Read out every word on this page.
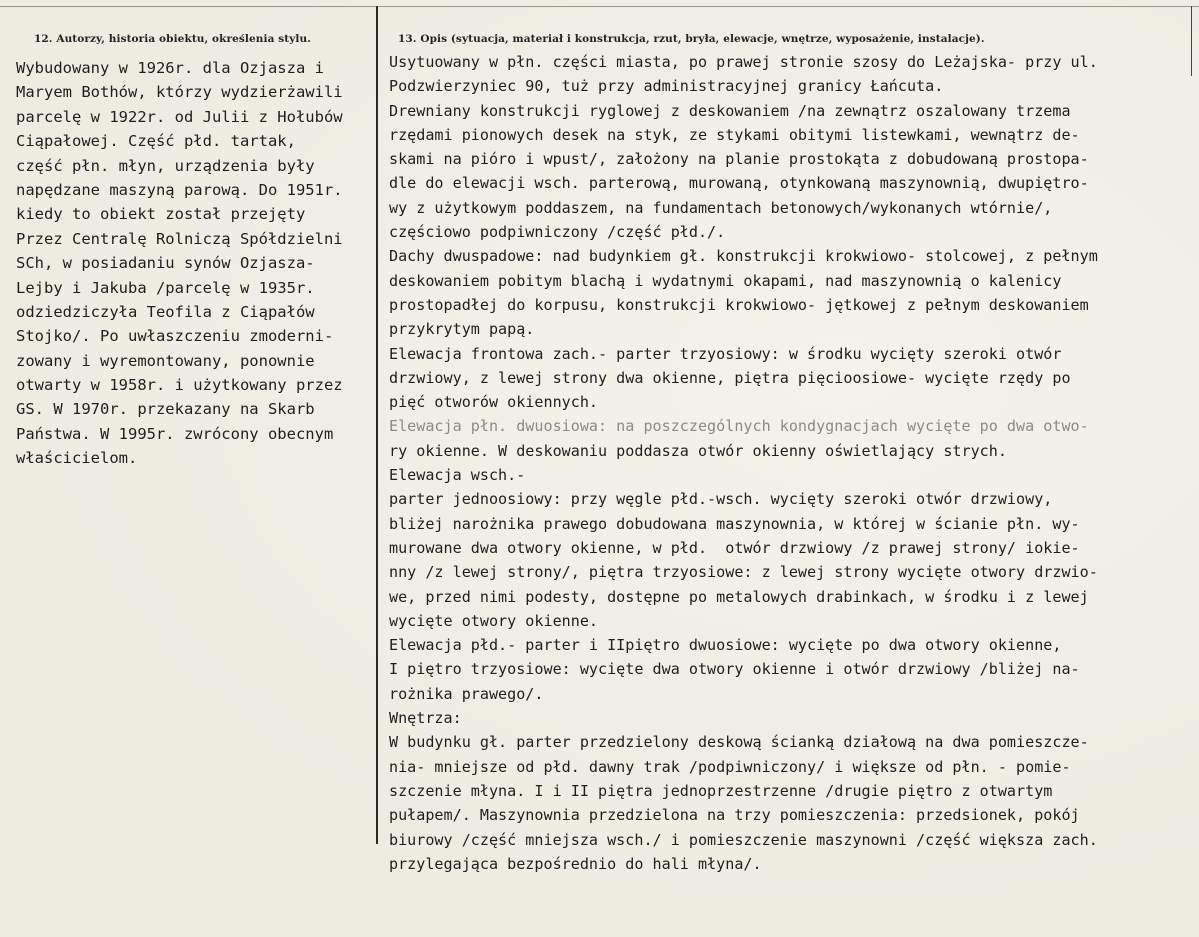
12. Autorzy, historia obiektu, określenia stylu.	13. Opis (sytuacja, materiał i konstrukcja, rzut, bryła, elewacje, wnętrze, wyposażenie, instalacje).
Wybudowany w 1926r. dla Ozjasza i
Maryem Bothów, którzy wydzierżawili
parcelę w 1922r. od Julii z Hołubów
Ciąpałowej. Część płd. tartak,
część płn. młyn, urządzenia były
napędzane maszyną parową. Do 1951r.
kiedy to obiekt został przejęty
Przez Centralę Rolniczą Spółdzielni
SCh, w posiadaniu synów Ozjasza-
Lejby i Jakuba /parcelę w 1935r.
odziedziczyła Teofila z Ciąpałów
Stojko/. Po uwłaszczeniu zmoderni-
zowany i wyremontowany, ponownie
otwarty w 1958r. i użytkowany przez
GS. W 1970r. przekazany na Skarb
Państwa. W 1995r. zwrócony obecnym
właścicielom.
Usytuowany w płn. części miasta, po prawej stronie szosy do Leżajska- przy ul.
Podzwierzyniec 90, tuż przy administracyjnej granicy Łańcuta.
Drewniany konstrukcji ryglowej z deskowaniem /na zewnątrz oszalowany trzema
rzędami pionowych desek na styk, ze stykami obitymi listewkami, wewnątrz de-
skami na pióro i wpust/, założony na planie prostokąta z dobudowaną prostopa-
dle do elewacji wsch. parterową, murowaną, otynkowaną maszynownią, dwupiętro-
wy z użytkowym poddaszem, na fundamentach betonowych/wykonanych wtórnie/,
częściowo podpiwniczony /część płd./.
Dachy dwuspadowe: nad budynkiem gł. konstrukcji krokwiowo- stolcowej, z pełnym
deskowaniem pobitym blachą i wydatnymi okapami, nad maszynownią o kalenicy
prostopadłej do korpusu, konstrukcji krokwiowo- jętkowej z pełnym deskowaniem
przykrytym papą.
Elewacja frontowa zach.- parter trzyosiowy: w środku wycięty szeroki otwór
drzwiowy, z lewej strony dwa okienne, piętra pięcioosiowe- wycięte rzędy po
pięć otworów okiennych.
Elewacja płn. dwuosiowa: na poszczególnych kondygnacjach wycięte po dwa otwo-
ry okienne. W deskowaniu poddasza otwór okienny oświetlający strych.
Elewacja wsch.-
parter jednoosiowy: przy węgle płd.-wsch. wycięty szeroki otwór drzwiowy,
bliżej narożnika prawego dobudowana maszynownia, w której w ścianie płn. wy-
murowane dwa otwory okienne, w płd.  otwór drzwiowy /z prawej strony/ iokie-
nny /z lewej strony/, piętra trzyosiowe: z lewej strony wycięte otwory drzwio-
we, przed nimi podesty, dostępne po metalowych drabinkach, w środku i z lewej
wycięte otwory okienne.
Elewacja płd.- parter i IIpiętro dwuosiowe: wycięte po dwa otwory okienne,
I piętro trzyosiowe: wycięte dwa otwory okienne i otwór drzwiowy /bliżej na-
rożnika prawego/.
Wnętrza:
W budynku gł. parter przedzielony deskową ścianką działową na dwa pomieszcze-
nia- mniejsze od płd. dawny trak /podpiwniczony/ i większe od płn. - pomie-
szczenie młyna. I i II piętra jednoprzestrzenne /drugie piętro z otwartym
pułapem/. Maszynownia przedzielona na trzy pomieszczenia: przedsionek, pokój
biurowy /część mniejsza wsch./ i pomieszczenie maszynowni /część większa zach.
przylegająca bezpośrednio do hali młyna/.
